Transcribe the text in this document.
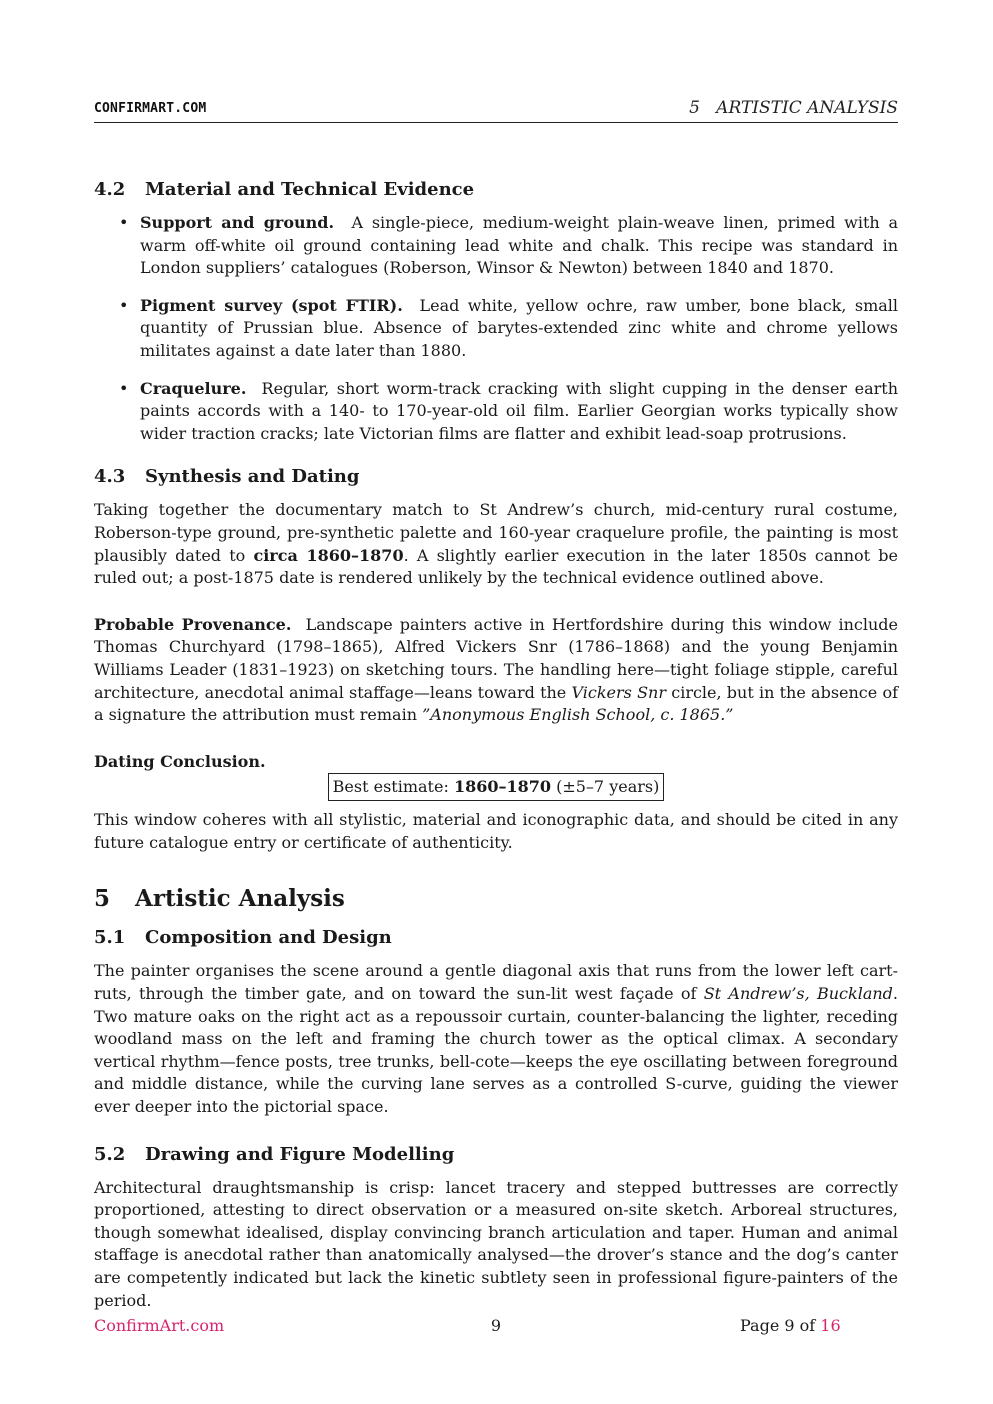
CONFIRMART.COM	5   ARTISTIC ANALYSIS
4.2 Material and Technical Evidence
• Support and ground. A single-piece, medium-weight plain-weave linen, primed with a warm off-white oil ground containing lead white and chalk. This recipe was standard in London suppliers’ catalogues (Roberson, Winsor & Newton) between 1840 and 1870.
• Pigment survey (spot FTIR). Lead white, yellow ochre, raw umber, bone black, small quantity of Prussian blue. Absence of barytes-extended zinc white and chrome yellows militates against a date later than 1880.
• Craquelure. Regular, short worm-track cracking with slight cupping in the denser earth paints accords with a 140- to 170-year-old oil film. Earlier Georgian works typically show wider traction cracks; late Victorian films are flatter and exhibit lead-soap protrusions.
4.3 Synthesis and Dating

Taking together the documentary match to St Andrew’s church, mid-century rural costume, Roberson-type ground, pre-synthetic palette and 160-year craquelure profile, the painting is most plausibly dated to circa 1860–1870. A slightly earlier execution in the later 1850s cannot be ruled out; a post-1875 date is rendered unlikely by the technical evidence outlined above.

Probable Provenance. Landscape painters active in Hertfordshire during this window include Thomas Churchyard (1798–1865), Alfred Vickers Snr (1786–1868) and the young Benjamin Williams Leader (1831–1923) on sketching tours. The handling here—tight foliage stipple, careful architecture, anecdotal animal staffage—leans toward the Vickers Snr circle, but in the absence of a signature the attribution must remain ”Anonymous English School, c. 1865.”

Dating Conclusion.
Best estimate: 1860–1870 (±5–7 years)

This window coheres with all stylistic, material and iconographic data, and should be cited in any future catalogue entry or certificate of authenticity.

5 Artistic Analysis
5.1 Composition and Design

The painter organises the scene around a gentle diagonal axis that runs from the lower left cart-ruts, through the timber gate, and on toward the sun-lit west façade of St Andrew’s, Buckland. Two mature oaks on the right act as a repoussoir curtain, counter-balancing the lighter, receding woodland mass on the left and framing the church tower as the optical climax. A secondary vertical rhythm—fence posts, tree trunks, bell-cote—keeps the eye oscillating between foreground and middle distance, while the curving lane serves as a controlled S-curve, guiding the viewer ever deeper into the pictorial space.

5.2 Drawing and Figure Modelling

Architectural draughtsmanship is crisp: lancet tracery and stepped buttresses are correctly proportioned, attesting to direct observation or a measured on-site sketch. Arboreal structures, though somewhat idealised, display convincing branch articulation and taper. Human and animal staffage is anecdotal rather than anatomically analysed—the drover’s stance and the dog’s canter are competently indicated but lack the kinetic subtlety seen in professional figure-painters of the period.

ConfirmArt.com	9	Page 9 of 16
